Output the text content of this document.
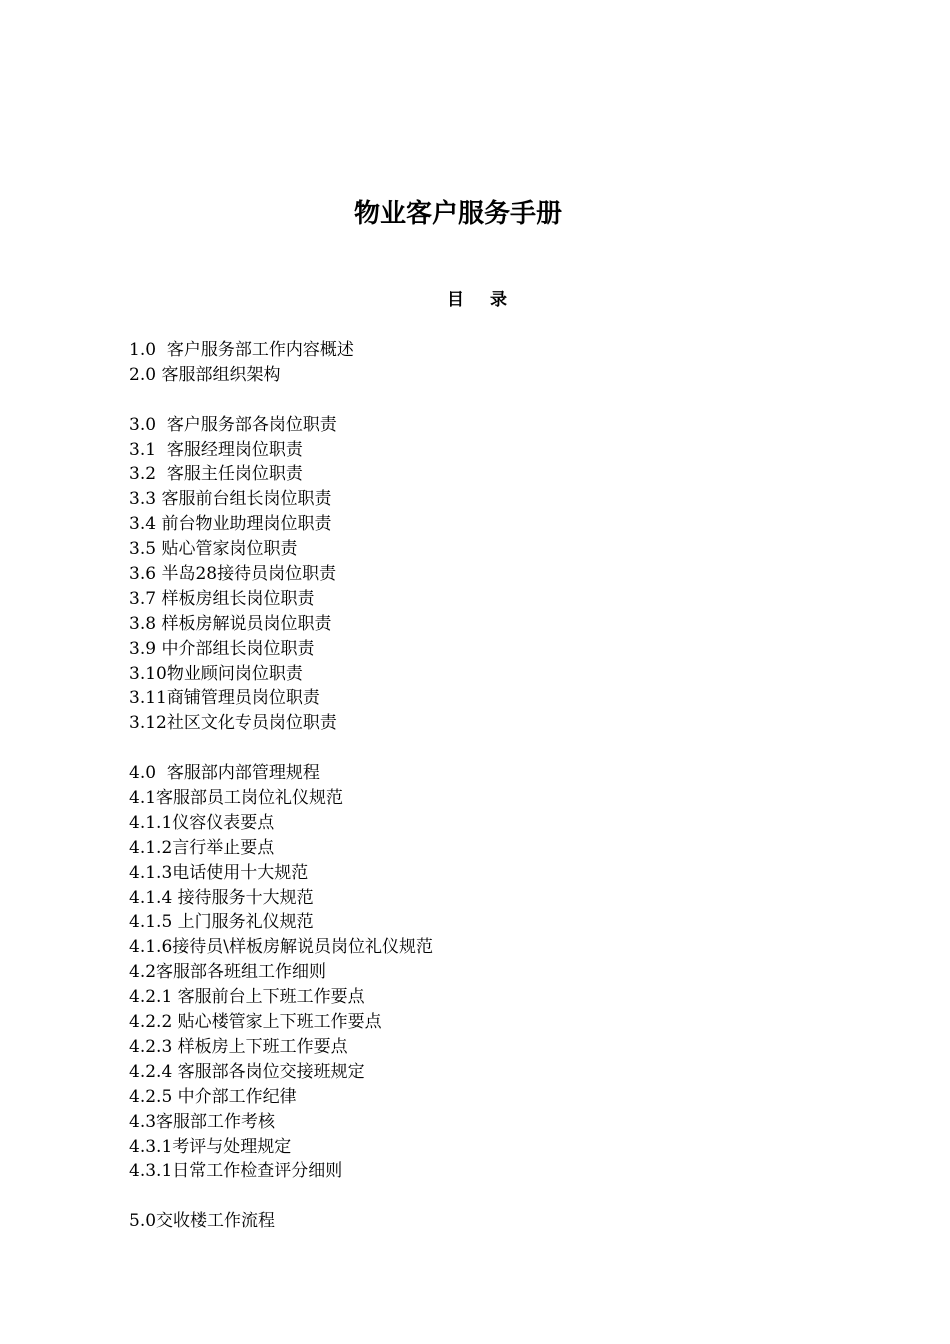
物业客户服务手册
目 录
1.0  客户服务部工作内容概述
2.0 客服部组织架构
3.0  客户服务部各岗位职责
3.1  客服经理岗位职责
3.2  客服主任岗位职责
3.3 客服前台组长岗位职责
3.4 前台物业助理岗位职责
3.5 贴心管家岗位职责
3.6 半岛28接待员岗位职责
3.7 样板房组长岗位职责
3.8 样板房解说员岗位职责
3.9 中介部组长岗位职责
3.10物业顾问岗位职责
3.11商铺管理员岗位职责
3.12社区文化专员岗位职责
4.0  客服部内部管理规程
4.1客服部员工岗位礼仪规范
4.1.1仪容仪表要点
4.1.2言行举止要点
4.1.3电话使用十大规范
4.1.4 接待服务十大规范
4.1.5 上门服务礼仪规范
4.1.6接待员\样板房解说员岗位礼仪规范
4.2客服部各班组工作细则
4.2.1 客服前台上下班工作要点
4.2.2 贴心楼管家上下班工作要点
4.2.3 样板房上下班工作要点
4.2.4 客服部各岗位交接班规定
4.2.5 中介部工作纪律
4.3客服部工作考核
4.3.1考评与处理规定
4.3.1日常工作检查评分细则
5.0交收楼工作流程
